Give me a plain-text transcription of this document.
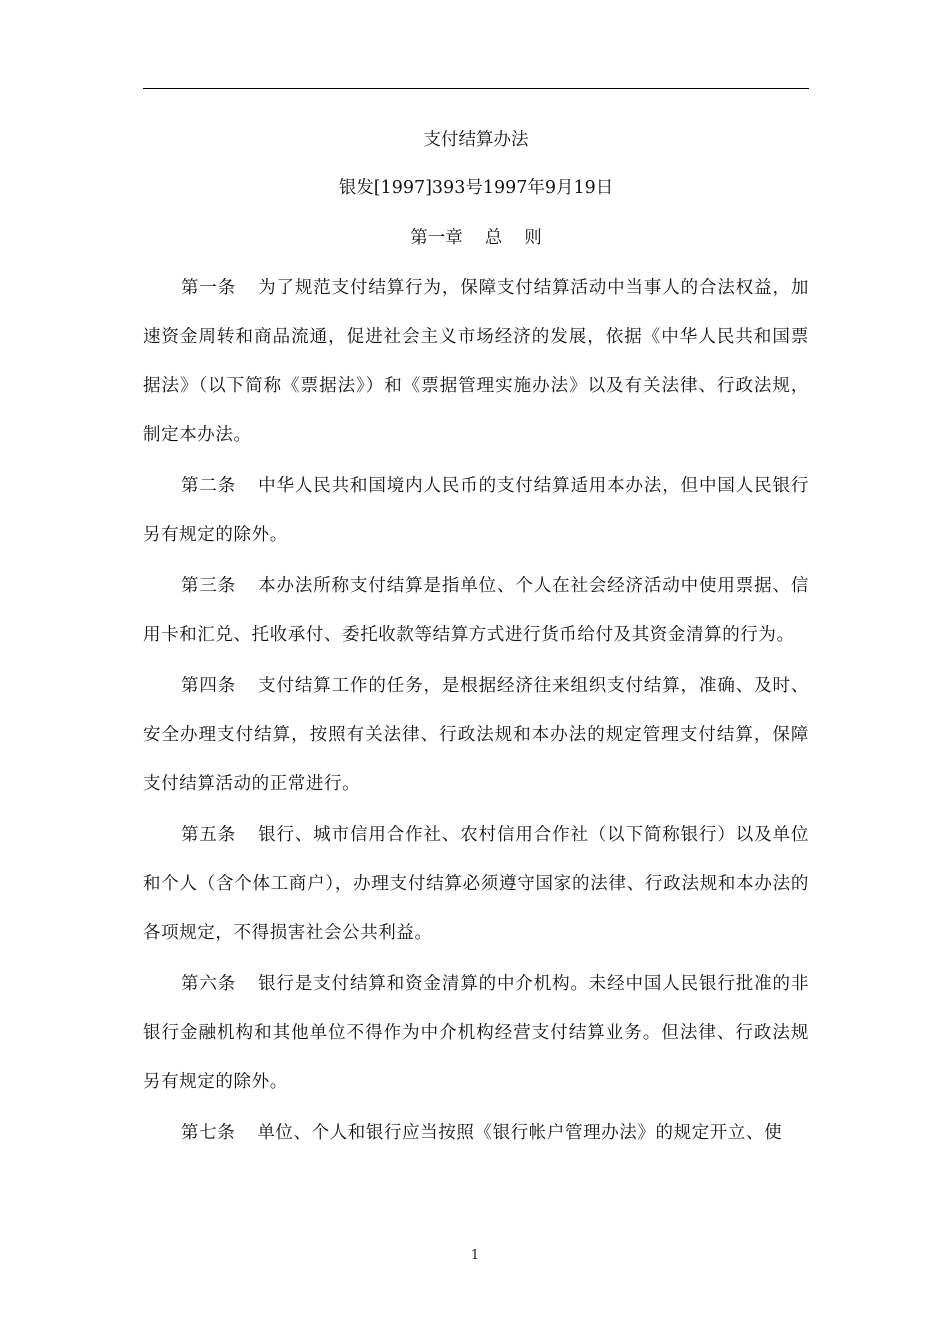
支付结算办法

银发[1997]393号1997年9月19日

第一章 总 则

第一条 为了规范支付结算行为，保障支付结算活动中当事人的合法权益，加速资金周转和商品流通，促进社会主义市场经济的发展，依据《中华人民共和国票据法》（以下简称《票据法》）和《票据管理实施办法》以及有关法律、行政法规，制定本办法。

第二条 中华人民共和国境内人民币的支付结算适用本办法，但中国人民银行另有规定的除外。

第三条 本办法所称支付结算是指单位、个人在社会经济活动中使用票据、信用卡和汇兑、托收承付、委托收款等结算方式进行货币给付及其资金清算的行为。

第四条 支付结算工作的任务，是根据经济往来组织支付结算，准确、及时、安全办理支付结算，按照有关法律、行政法规和本办法的规定管理支付结算，保障支付结算活动的正常进行。

第五条 银行、城市信用合作社、农村信用合作社（以下简称银行）以及单位和个人（含个体工商户），办理支付结算必须遵守国家的法律、行政法规和本办法的各项规定，不得损害社会公共利益。

第六条 银行是支付结算和资金清算的中介机构。未经中国人民银行批准的非银行金融机构和其他单位不得作为中介机构经营支付结算业务。但法律、行政法规另有规定的除外。

第七条 单位、个人和银行应当按照《银行帐户管理办法》的规定开立、使

1
